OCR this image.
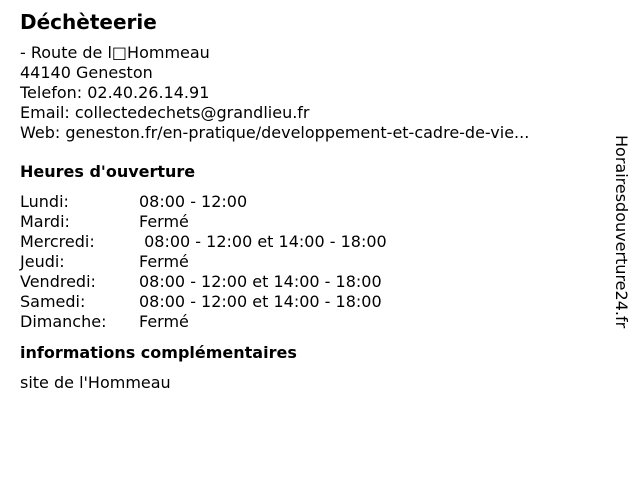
Déchèteerie
- Route de l□Hommeau
44140 Geneston
Telefon: 02.40.26.14.91
Email: collectedechets@grandlieu.fr
Web: geneston.fr/en-pratique/developpement-et-cadre-de-vie...
Heures d'ouverture
Lundi:	08:00 - 12:00
Mardi:	Fermé
Mercredi:	08:00 - 12:00 et 14:00 - 18:00
Jeudi:	Fermé
Vendredi:	08:00 - 12:00 et 14:00 - 18:00
Samedi:	08:00 - 12:00 et 14:00 - 18:00
Dimanche:	Fermé
informations complémentaires
site de l'Hommeau
Horairesdouverture24.fr
